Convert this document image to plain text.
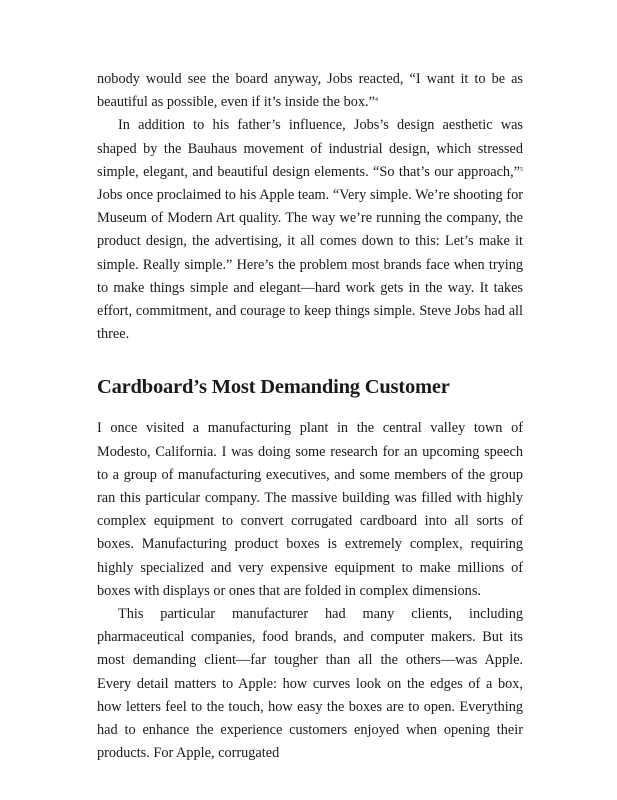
nobody would see the board anyway, Jobs reacted, “I want it to be as beautiful as possible, even if it’s inside the box.”$^4$

In addition to his father’s influence, Jobs’s design aesthetic was shaped by the Bauhaus movement of industrial design, which stressed simple, elegant, and beautiful design elements. “So that’s our approach,”$^5$ Jobs once proclaimed to his Apple team. “Very simple. We’re shooting for Museum of Modern Art quality. The way we’re running the company, the product design, the advertising, it all comes down to this: Let’s make it simple. Really simple.” Here’s the problem most brands face when trying to make things simple and elegant—hard work gets in the way. It takes effort, commitment, and courage to keep things simple. Steve Jobs had all three.

Cardboard’s Most Demanding Customer

I once visited a manufacturing plant in the central valley town of Modesto, California. I was doing some research for an upcoming speech to a group of manufacturing executives, and some members of the group ran this particular company. The massive building was filled with highly complex equipment to convert corrugated cardboard into all sorts of boxes. Manufacturing product boxes is extremely complex, requiring highly specialized and very expensive equipment to make millions of boxes with displays or ones that are folded in complex dimensions.

This particular manufacturer had many clients, including pharmaceutical companies, food brands, and computer makers. But its most demanding client—far tougher than all the others—was Apple. Every detail matters to Apple: how curves look on the edges of a box, how letters feel to the touch, how easy the boxes are to open. Everything had to enhance the experience customers enjoyed when opening their products. For Apple, corrugated
